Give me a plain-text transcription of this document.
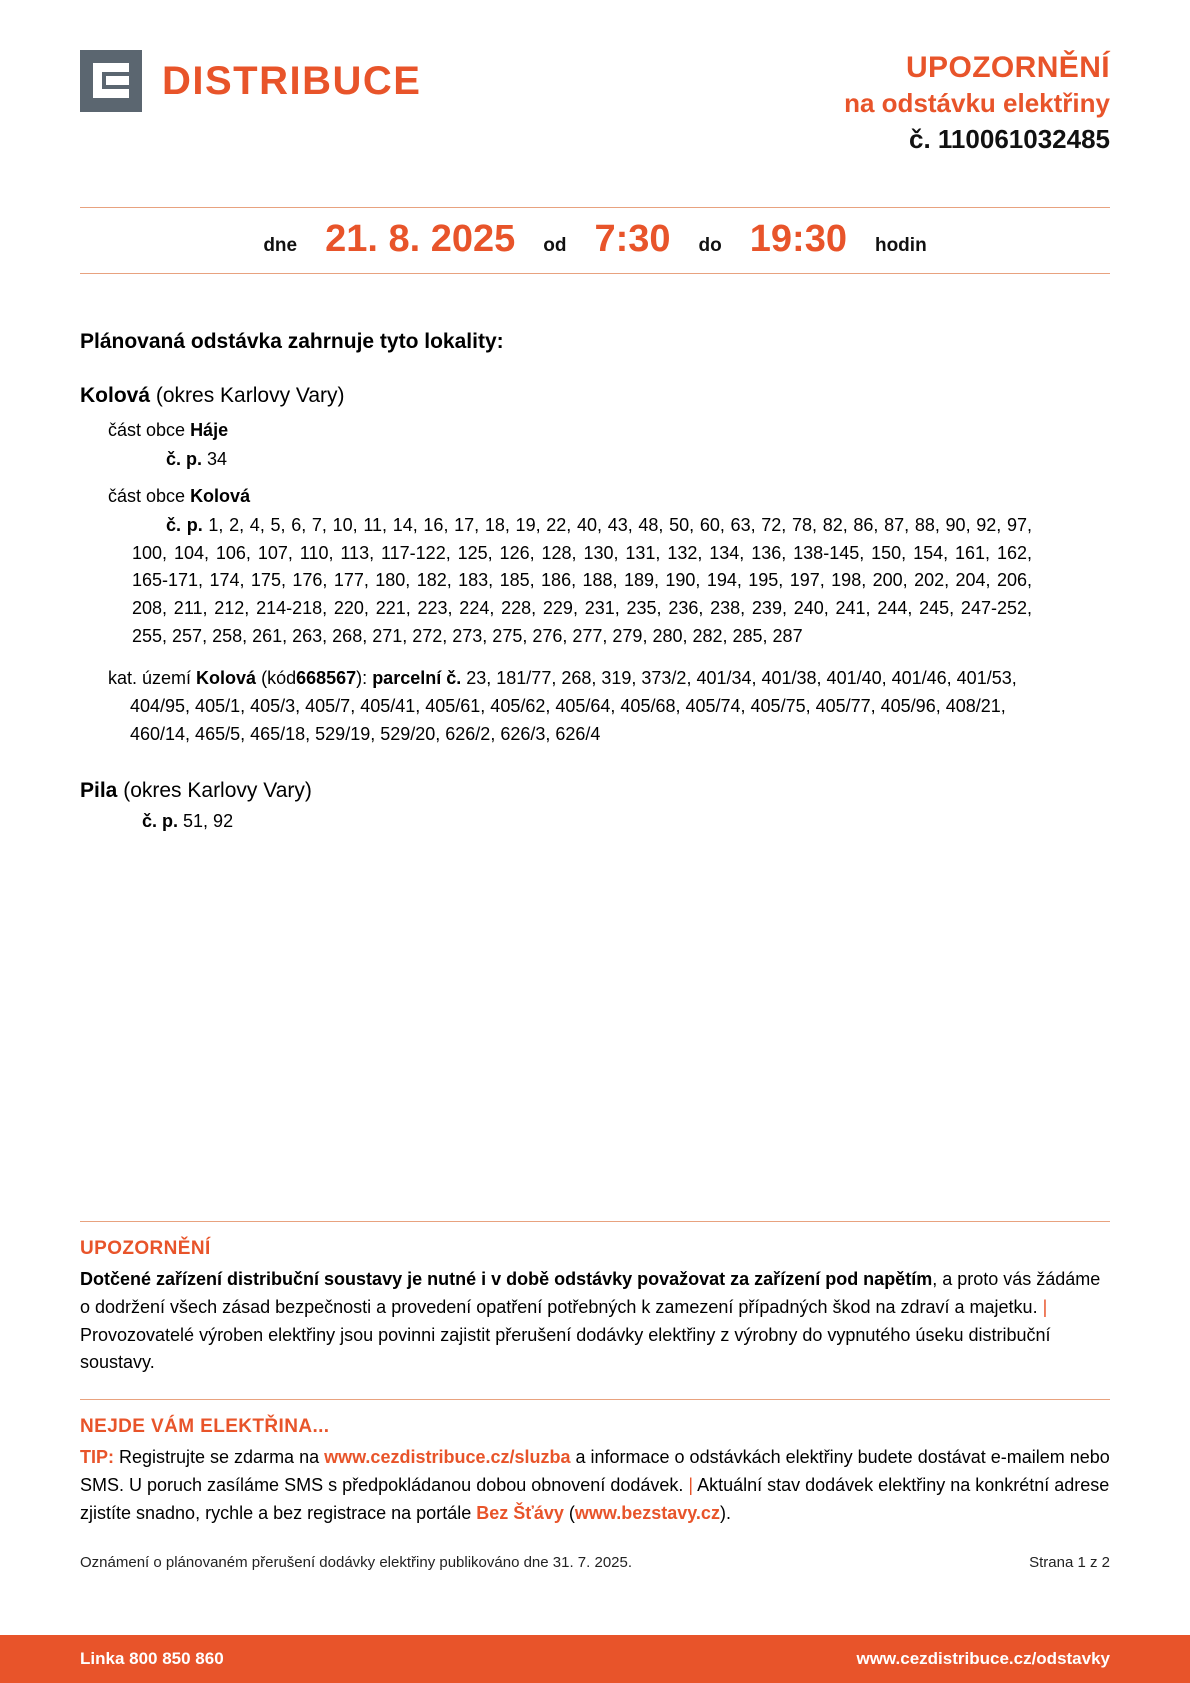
DISTRIBUCE	UPOZORNĚNÍ
na odstávku elektřiny
č. 110061032485
dne 21. 8. 2025 od 7:30 do 19:30 hodin
Plánovaná odstávka zahrnuje tyto lokality:
Kolová (okres Karlovy Vary)
část obce Háje
č. p. 34
část obce Kolová
č. p. 1, 2, 4, 5, 6, 7, 10, 11, 14, 16, 17, 18, 19, 22, 40, 43, 48, 50, 60, 63, 72, 78, 82, 86, 87, 88, 90, 92, 97, 100, 104, 106, 107, 110, 113, 117-122, 125, 126, 128, 130, 131, 132, 134, 136, 138-145, 150, 154, 161, 162, 165-171, 174, 175, 176, 177, 180, 182, 183, 185, 186, 188, 189, 190, 194, 195, 197, 198, 200, 202, 204, 206, 208, 211, 212, 214-218, 220, 221, 223, 224, 228, 229, 231, 235, 236, 238, 239, 240, 241, 244, 245, 247-252, 255, 257, 258, 261, 263, 268, 271, 272, 273, 275, 276, 277, 279, 280, 282, 285, 287
kat. území Kolová (kód668567): parcelní č. 23, 181/77, 268, 319, 373/2, 401/34, 401/38, 401/40, 401/46, 401/53, 404/95, 405/1, 405/3, 405/7, 405/41, 405/61, 405/62, 405/64, 405/68, 405/74, 405/75, 405/77, 405/96, 408/21, 460/14, 465/5, 465/18, 529/19, 529/20, 626/2, 626/3, 626/4
Pila (okres Karlovy Vary)
č. p. 51, 92
UPOZORNĚNÍ
Dotčené zařízení distribuční soustavy je nutné i v době odstávky považovat za zařízení pod napětím, a proto vás žádáme o dodržení všech zásad bezpečnosti a provedení opatření potřebných k zamezení případných škod na zdraví a majetku. | Provozovatelé výroben elektřiny jsou povinni zajistit přerušení dodávky elektřiny z výrobny do vypnutého úseku distribuční soustavy.
NEJDE VÁM ELEKTŘINA...
TIP: Registrujte se zdarma na www.cezdistribuce.cz/sluzba a informace o odstávkách elektřiny budete dostávat e-mailem nebo SMS. U poruch zasíláme SMS s předpokládanou dobou obnovení dodávek. | Aktuální stav dodávek elektřiny na konkrétní adrese zjistíte snadno, rychle a bez registrace na portále Bez Šťávy (www.bezstavy.cz).
Oznámení o plánovaném přerušení dodávky elektřiny publikováno dne 31. 7. 2025.	Strana 1 z 2
Linka 800 850 860	www.cezdistribuce.cz/odstavky
